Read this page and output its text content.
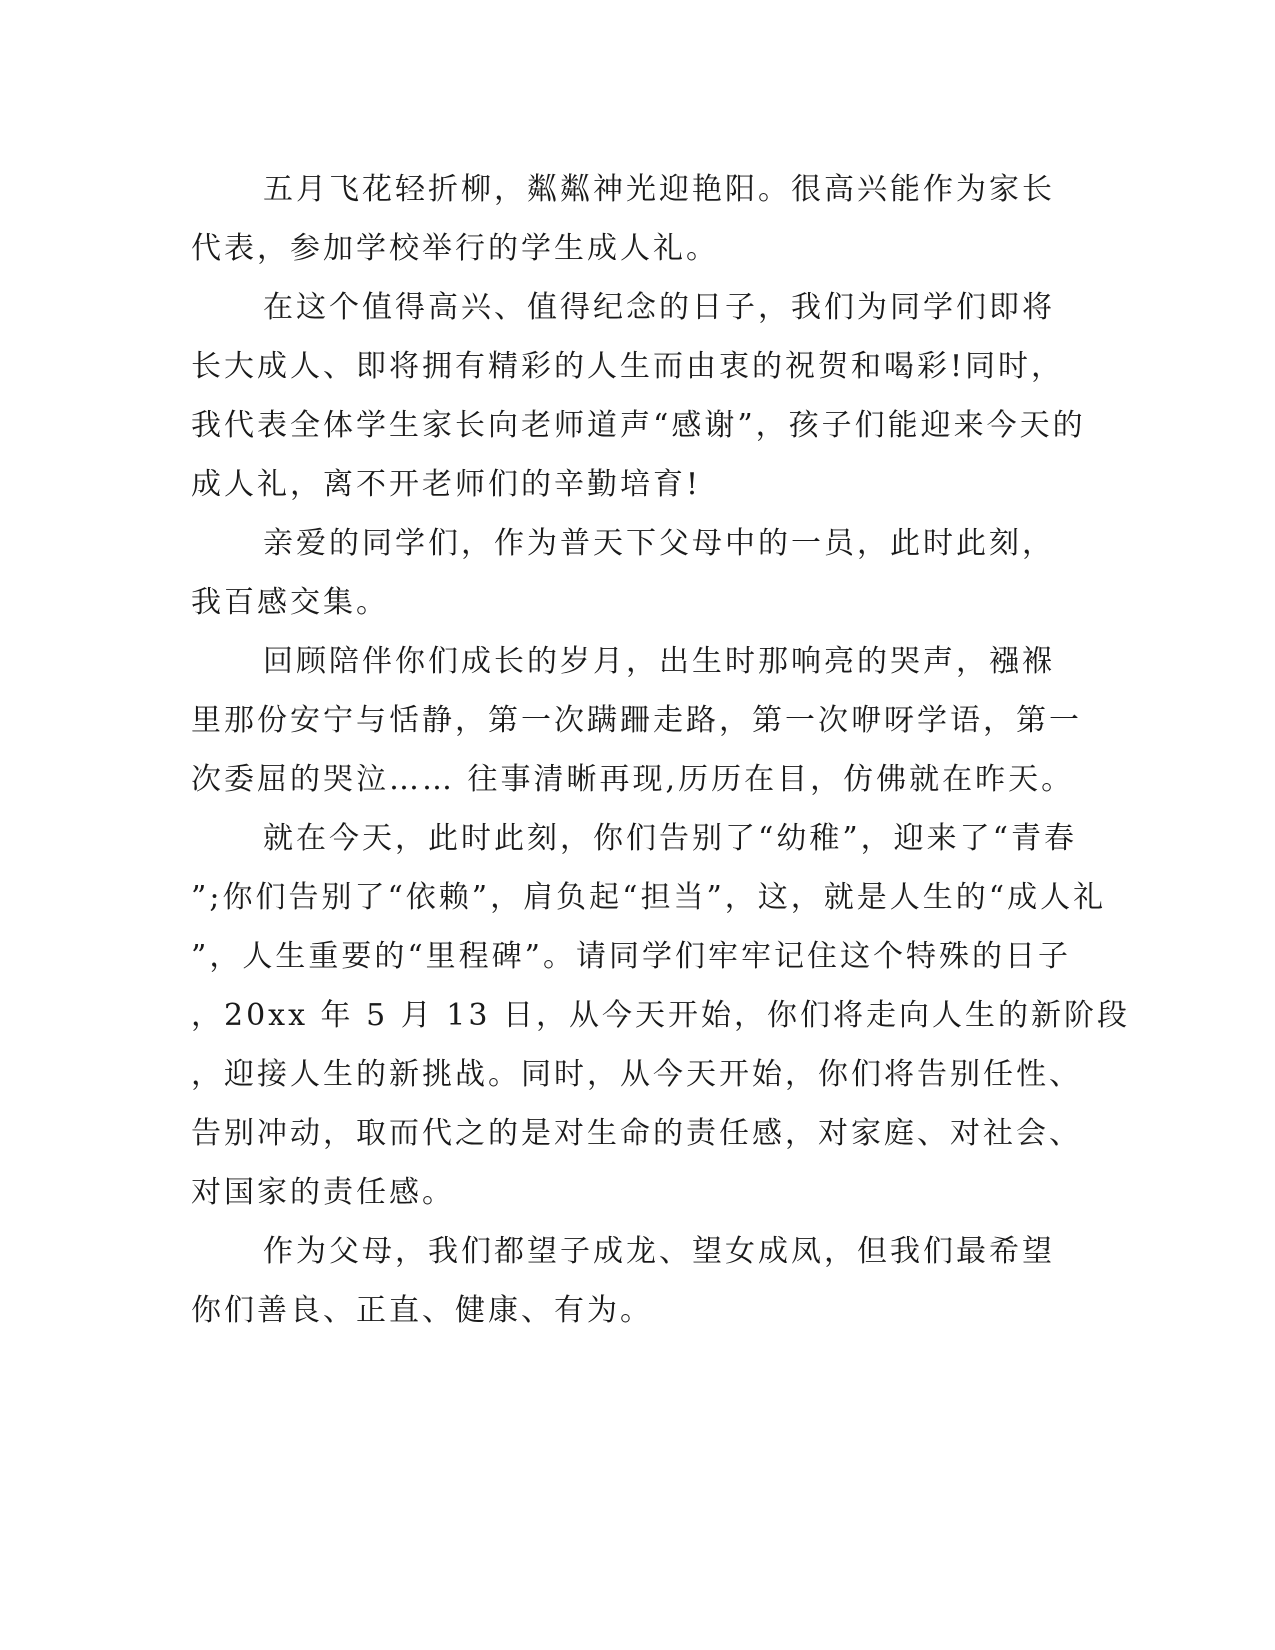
五月飞花轻折柳，粼粼神光迎艳阳。很高兴能作为家长
代表，参加学校举行的学生成人礼。
在这个值得高兴、值得纪念的日子，我们为同学们即将
长大成人、即将拥有精彩的人生而由衷的祝贺和喝彩!同时，
我代表全体学生家长向老师道声“感谢”，孩子们能迎来今天的
成人礼，离不开老师们的辛勤培育!
亲爱的同学们，作为普天下父母中的一员，此时此刻，
我百感交集。
回顾陪伴你们成长的岁月，出生时那响亮的哭声，襁褓
里那份安宁与恬静，第一次蹒跚走路，第一次咿呀学语，第一
次委屈的哭泣…… 往事清晰再现,历历在目，仿佛就在昨天。
就在今天，此时此刻，你们告别了“幼稚”，迎来了“青春
”;你们告别了“依赖”，肩负起“担当”，这，就是人生的“成人礼
”，人生重要的“里程碑”。请同学们牢牢记住这个特殊的日子
，20xx 年 5 月 13 日，从今天开始，你们将走向人生的新阶段
，迎接人生的新挑战。同时，从今天开始，你们将告别任性、
告别冲动，取而代之的是对生命的责任感，对家庭、对社会、
对国家的责任感。
作为父母，我们都望子成龙、望女成凤，但我们最希望
你们善良、正直、健康、有为。
